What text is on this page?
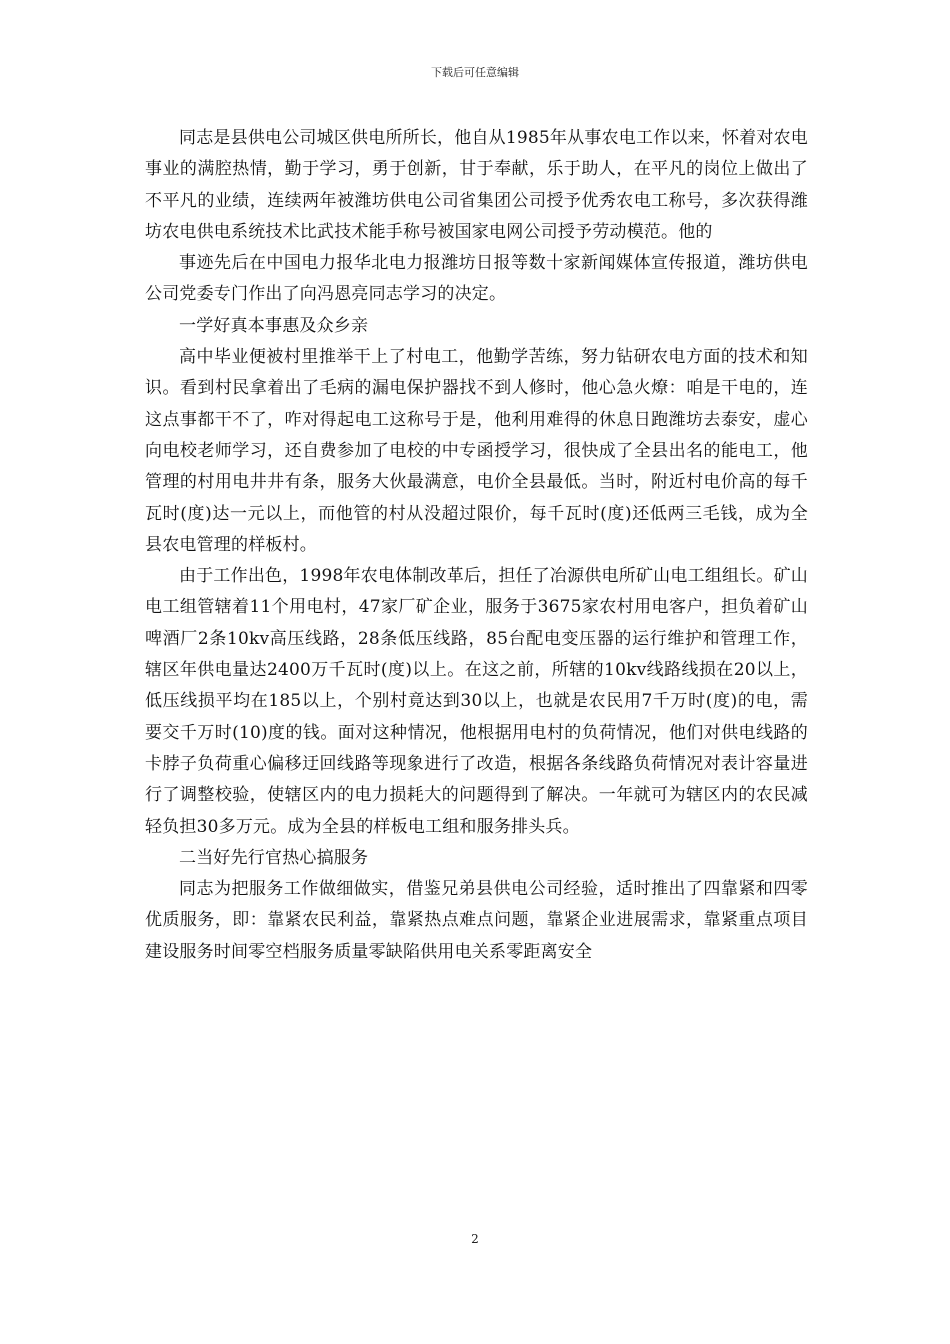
下载后可任意编辑

同志是县供电公司城区供电所所长，他自从1985年从事农电工作以来，怀着对农电事业的满腔热情，勤于学习，勇于创新，甘于奉献，乐于助人，在平凡的岗位上做出了不平凡的业绩，连续两年被潍坊供电公司省集团公司授予优秀农电工称号，多次获得潍坊农电供电系统技术比武技术能手称号被国家电网公司授予劳动模范。他的

事迹先后在中国电力报华北电力报潍坊日报等数十家新闻媒体宣传报道，潍坊供电公司党委专门作出了向冯恩亮同志学习的决定。

一学好真本事惠及众乡亲

高中毕业便被村里推举干上了村电工，他勤学苦练，努力钻研农电方面的技术和知识。看到村民拿着出了毛病的漏电保护器找不到人修时，他心急火燎：咱是干电的，连这点事都干不了，咋对得起电工这称号于是，他利用难得的休息日跑潍坊去泰安，虚心向电校老师学习，还自费参加了电校的中专函授学习，很快成了全县出名的能电工，他管理的村用电井井有条，服务大伙最满意，电价全县最低。当时，附近村电价高的每千瓦时(度)达一元以上，而他管的村从没超过限价，每千瓦时(度)还低两三毛钱，成为全县农电管理的样板村。

由于工作出色，1998年农电体制改革后，担任了冶源供电所矿山电工组组长。矿山电工组管辖着11个用电村，47家厂矿企业，服务于3675家农村用电客户，担负着矿山啤酒厂2条10kv高压线路，28条低压线路，85台配电变压器的运行维护和管理工作，辖区年供电量达2400万千瓦时(度)以上。在这之前，所辖的10kv线路线损在20以上，低压线损平均在185以上，个别村竟达到30以上，也就是农民用7千万时(度)的电，需要交千万时(10)度的钱。面对这种情况，他根据用电村的负荷情况，他们对供电线路的卡脖子负荷重心偏移迂回线路等现象进行了改造，根据各条线路负荷情况对表计容量进行了调整校验，使辖区内的电力损耗大的问题得到了解决。一年就可为辖区内的农民减轻负担30多万元。成为全县的样板电工组和服务排头兵。

二当好先行官热心搞服务

同志为把服务工作做细做实，借鉴兄弟县供电公司经验，适时推出了四靠紧和四零优质服务，即：靠紧农民利益，靠紧热点难点问题，靠紧企业进展需求，靠紧重点项目建设服务时间零空档服务质量零缺陷供用电关系零距离安全

2
